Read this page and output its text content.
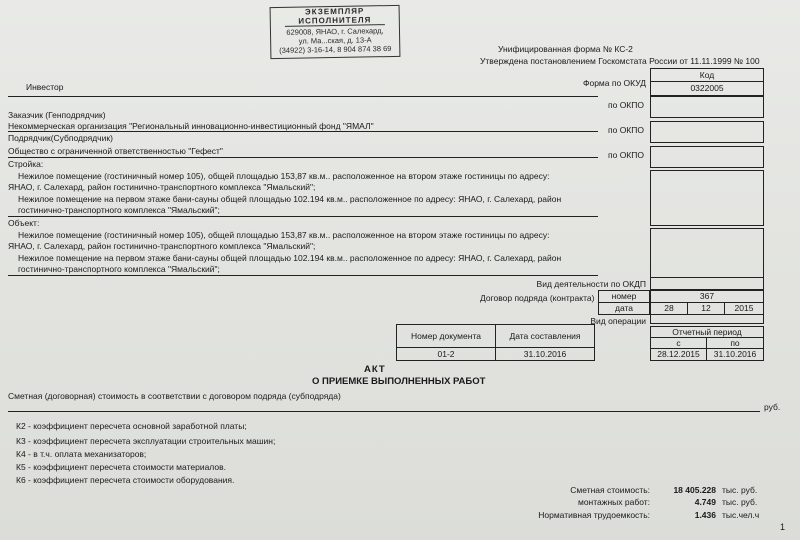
ЭКЗЕМПЛЯР
ИСПОЛНИТЕЛЯ
629008, ЯНАО, г. Салехард,
ул. Ма...ская, д. 13-А
(34922) 3-16-14, 8 904 874 38 69	Унифицированная форма № КС-2
Утверждена постановлением Госкомстата России от 11.11.1999 № 100
Код
Форма по ОКУД	0322005
Инвестор
по ОКПО
Заказчик (Генподрядчик)
Некоммерческая организация "Региональный инновационно-инвестиционный фонд "ЯМАЛ"	по ОКПО
Подрядчик(Субподрядчик)
Общество с ограниченной ответственностью "Гефест"	по ОКПО
Стройка:
Нежилое помещение (гостиничный номер 105), общей площадью 153,87 кв.м.. расположенное на втором этаже гостиницы по адресу:
ЯНАО, г. Салехард, район гостинично-транспортного комплекса "Ямальский";
Нежилое помещение на первом этаже бани-сауны общей площадью 102.194 кв.м.. расположенное по адресу: ЯНАО, г. Салехард, район
гостинично-транспортного комплекса "Ямальский";
Объект:
Нежилое помещение (гостиничный номер 105), общей площадью 153,87 кв.м.. расположенное на втором этаже гостиницы по адресу:
ЯНАО, г. Салехард, район гостинично-транспортного комплекса "Ямальский";
Нежилое помещение на первом этаже бани-сауны общей площадью 102.194 кв.м.. расположенное по адресу: ЯНАО, г. Салехард, район
гостинично-транспортного комплекса "Ямальский";
Вид деятельности по ОКДП
Договор подряда (контракта)	номер	367
дата	28	12	2015
Вид операции
Номер документа	Дата составления
01-2	31.10.2016
Отчетный период
с	по
28.12.2015	31.10.2016
АКТ
О ПРИЕМКЕ ВЫПОЛНЕННЫХ РАБОТ
Сметная (договорная) стоимость в соответствии с договором подряда (субподряда)
руб.
К2 - коэффициент пересчета основной заработной платы;
К3 - коэффициент пересчета эксплуатации строительных машин;
К4 - в т.ч. оплата механизаторов;
К5 - коэффициент пересчета стоимости материалов.
К6 - коэффициент пересчета стоимости оборудования.
Сметная стоимость:	18 405.228 тыс. руб.
монтажных работ:	4.749 тыс. руб.
Нормативная трудоемкость:	1.436 тыс.чел.ч
1
